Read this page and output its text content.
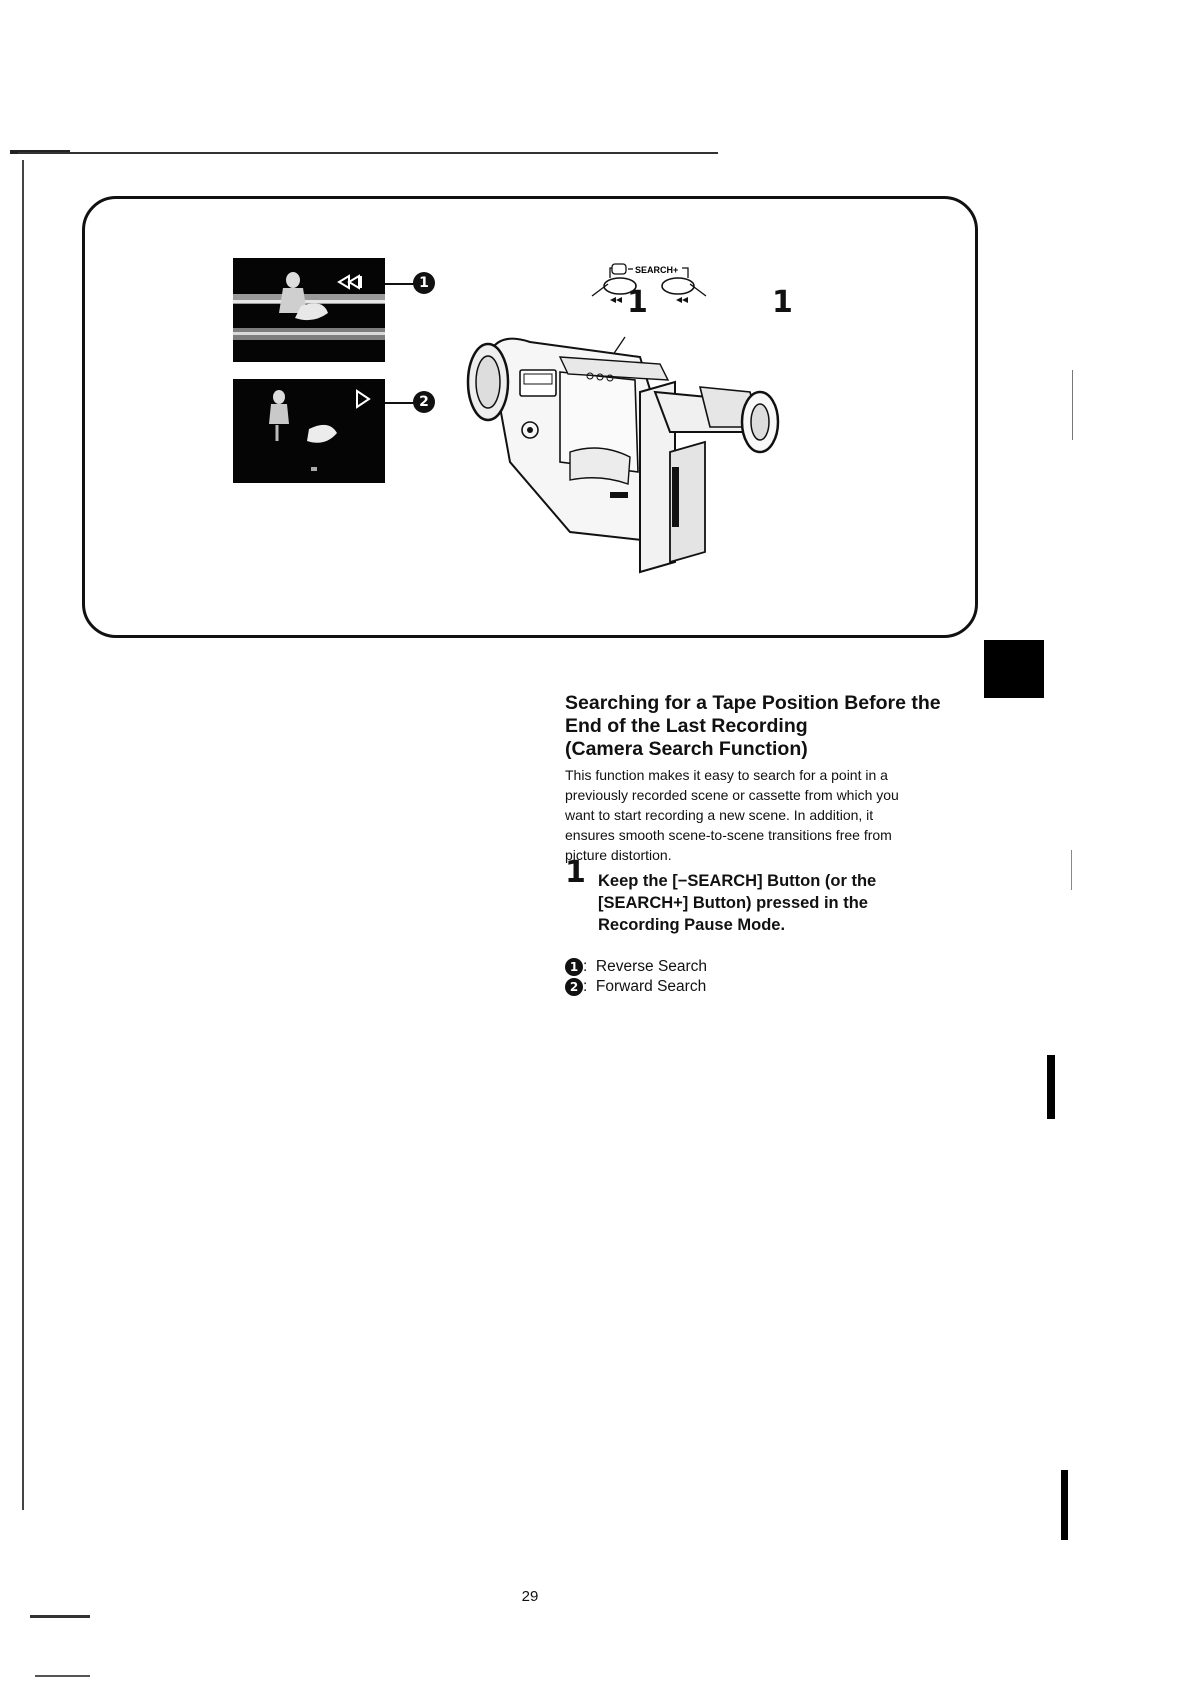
1
2
SEARCH+
1	1
Searching for a Tape Position Before the
End of the Last Recording
(Camera Search Function)
This function makes it easy to search for a point in a
previously recorded scene or cassette from which you
want to start recording a new scene. In addition, it
ensures smooth scene-to-scene transitions free from
picture distortion.
1 Keep the [−SEARCH] Button (or the
[SEARCH+] Button) pressed in the
Recording Pause Mode.
1 :  Reverse Search
2 :  Forward Search
29
